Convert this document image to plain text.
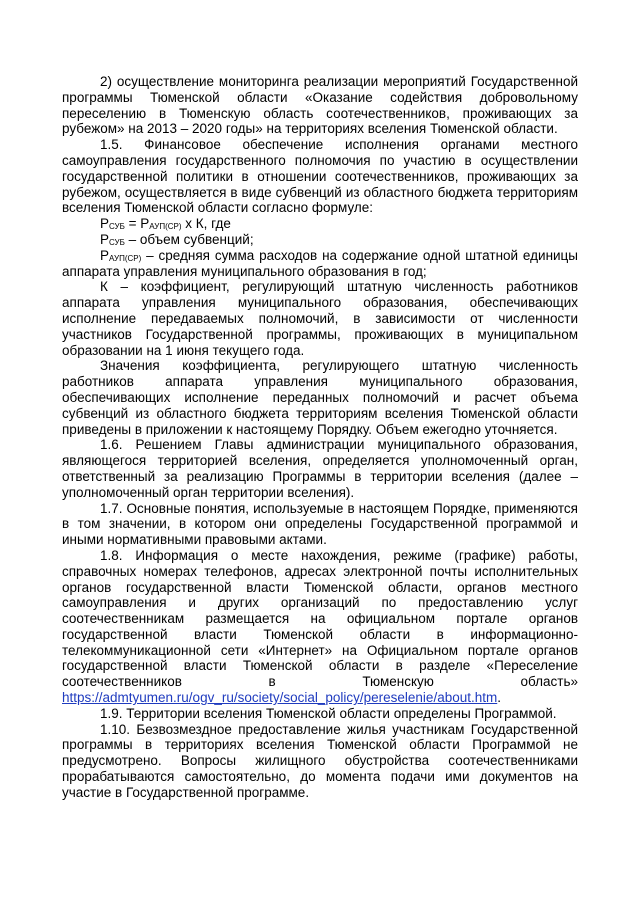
2) осуществление мониторинга реализации мероприятий Государственной программы Тюменской области «Оказание содействия добровольному переселению в Тюменскую область соотечественников, проживающих за рубежом» на 2013 – 2020 годы» на территориях вселения Тюменской области.

1.5. Финансовое обеспечение исполнения органами местного самоуправления государственного полномочия по участию в осуществлении государственной политики в отношении соотечественников, проживающих за рубежом, осуществляется в виде субвенций из областного бюджета территориям вселения Тюменской области согласно формуле:

$P_{СУБ} = P_{АУП(СР)}$ х К, где

$P_{СУБ}$ – объем субвенций;

$P_{АУП(СР)}$ – средняя сумма расходов на содержание одной штатной единицы аппарата управления муниципального образования в год;

К – коэффициент, регулирующий штатную численность работников аппарата управления муниципального образования, обеспечивающих исполнение передаваемых полномочий, в зависимости от численности участников Государственной программы, проживающих в муниципальном образовании на 1 июня текущего года.

Значения коэффициента, регулирующего штатную численность работников аппарата управления муниципального образования, обеспечивающих исполнение переданных полномочий и расчет объема субвенций из областного бюджета территориям вселения Тюменской области приведены в приложении к настоящему Порядку. Объем ежегодно уточняется.

1.6. Решением Главы администрации муниципального образования, являющегося территорией вселения, определяется уполномоченный орган, ответственный за реализацию Программы в территории вселения (далее – уполномоченный орган территории вселения).

1.7. Основные понятия, используемые в настоящем Порядке, применяются в том значении, в котором они определены Государственной программой и иными нормативными правовыми актами.

1.8. Информация о месте нахождения, режиме (графике) работы, справочных номерах телефонов, адресах электронной почты исполнительных органов государственной власти Тюменской области, органов местного самоуправления и других организаций по предоставлению услуг соотечественникам размещается на официальном портале органов государственной власти Тюменской области в информационно-телекоммуникационной сети «Интернет» на Официальном портале органов государственной власти Тюменской области в разделе «Переселение соотечественников в Тюменскую область»

https://admtyumen.ru/ogv_ru/society/social_policy/pereselenie/about.htm.

1.9. Территории вселения Тюменской области определены Программой.

1.10. Безвозмездное предоставление жилья участникам Государственной программы в территориях вселения Тюменской области Программой не предусмотрено. Вопросы жилищного обустройства соотечественниками прорабатываются самостоятельно, до момента подачи ими документов на участие в Государственной программе.
